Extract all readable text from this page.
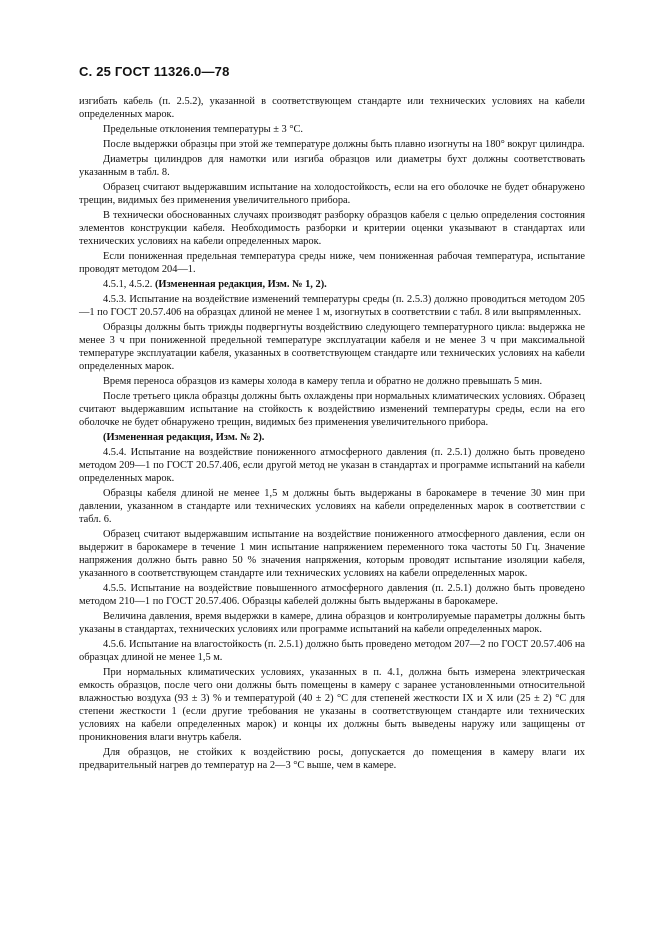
С. 25 ГОСТ 11326.0—78

изгибать кабель (п. 2.5.2), указанной в соответствующем стандарте или технических условиях на кабели определенных марок.

Предельные отклонения температуры ± 3 °С.

После выдержки образцы при этой же температуре должны быть плавно изогнуты на 180° вокруг цилиндра.

Диаметры цилиндров для намотки или изгиба образцов или диаметры бухт должны соответствовать указанным в табл. 8.

Образец считают выдержавшим испытание на холодостойкость, если на его оболочке не будет обнаружено трещин, видимых без применения увеличительного прибора.

В технически обоснованных случаях производят разборку образцов кабеля с целью определения состояния элементов конструкции кабеля. Необходимость разборки и критерии оценки указывают в стандартах или технических условиях на кабели определенных марок.

Если пониженная предельная температура среды ниже, чем пониженная рабочая температура, испытание проводят методом 204—1.

4.5.1, 4.5.2. (Измененная редакция, Изм. № 1, 2).

4.5.3. Испытание на воздействие изменений температуры среды (п. 2.5.3) должно проводиться методом 205—1 по ГОСТ 20.57.406 на образцах длиной не менее 1 м, изогнутых в соответствии с табл. 8 или выпрямленных.

Образцы должны быть трижды подвергнуты воздействию следующего температурного цикла: выдержка не менее 3 ч при пониженной предельной температуре эксплуатации кабеля и не менее 3 ч при максимальной температуре эксплуатации кабеля, указанных в соответствующем стандарте или технических условиях на кабели определенных марок.

Время переноса образцов из камеры холода в камеру тепла и обратно не должно превышать 5 мин.

После третьего цикла образцы должны быть охлаждены при нормальных климатических условиях. Образец считают выдержавшим испытание на стойкость к воздействию изменений температуры среды, если на его оболочке не будет обнаружено трещин, видимых без применения увеличительного прибора.

(Измененная редакция, Изм. № 2).

4.5.4. Испытание на воздействие пониженного атмосферного давления (п. 2.5.1) должно быть проведено методом 209—1 по ГОСТ 20.57.406, если другой метод не указан в стандартах и программе испытаний на кабели определенных марок.

Образцы кабеля длиной не менее 1,5 м должны быть выдержаны в барокамере в течение 30 мин при давлении, указанном в стандарте или технических условиях на кабели определенных марок в соответствии с табл. 6.

Образец считают выдержавшим испытание на воздействие пониженного атмосферного давления, если он выдержит в барокамере в течение 1 мин испытание напряжением переменного тока частоты 50 Гц. Значение напряжения должно быть равно 50 % значения напряжения, которым проводят испытание изоляции кабеля, указанного в соответствующем стандарте или технических условиях на кабели определенных марок.

4.5.5. Испытание на воздействие повышенного атмосферного давления (п. 2.5.1) должно быть проведено методом 210—1 по ГОСТ 20.57.406. Образцы кабелей должны быть выдержаны в барокамере.

Величина давления, время выдержки в камере, длина образцов и контролируемые параметры должны быть указаны в стандартах, технических условиях или программе испытаний на кабели определенных марок.

4.5.6. Испытание на влагостойкость (п. 2.5.1) должно быть проведено методом 207—2 по ГОСТ 20.57.406 на образцах длиной не менее 1,5 м.

При нормальных климатических условиях, указанных в п. 4.1, должна быть измерена электрическая емкость образцов, после чего они должны быть помещены в камеру с заранее установленными относительной влажностью воздуха (93 ± 3) % и температурой (40 ± 2) °С для степеней жесткости IX и X или (25 ± 2) °С для степени жесткости 1 (если другие требования не указаны в соответствующем стандарте или технических условиях на кабели определенных марок) и концы их должны быть выведены наружу или защищены от проникновения влаги внутрь кабеля.

Для образцов, не стойких к воздействию росы, допускается до помещения в камеру влаги их предварительный нагрев до температур на 2—3 °С выше, чем в камере.
